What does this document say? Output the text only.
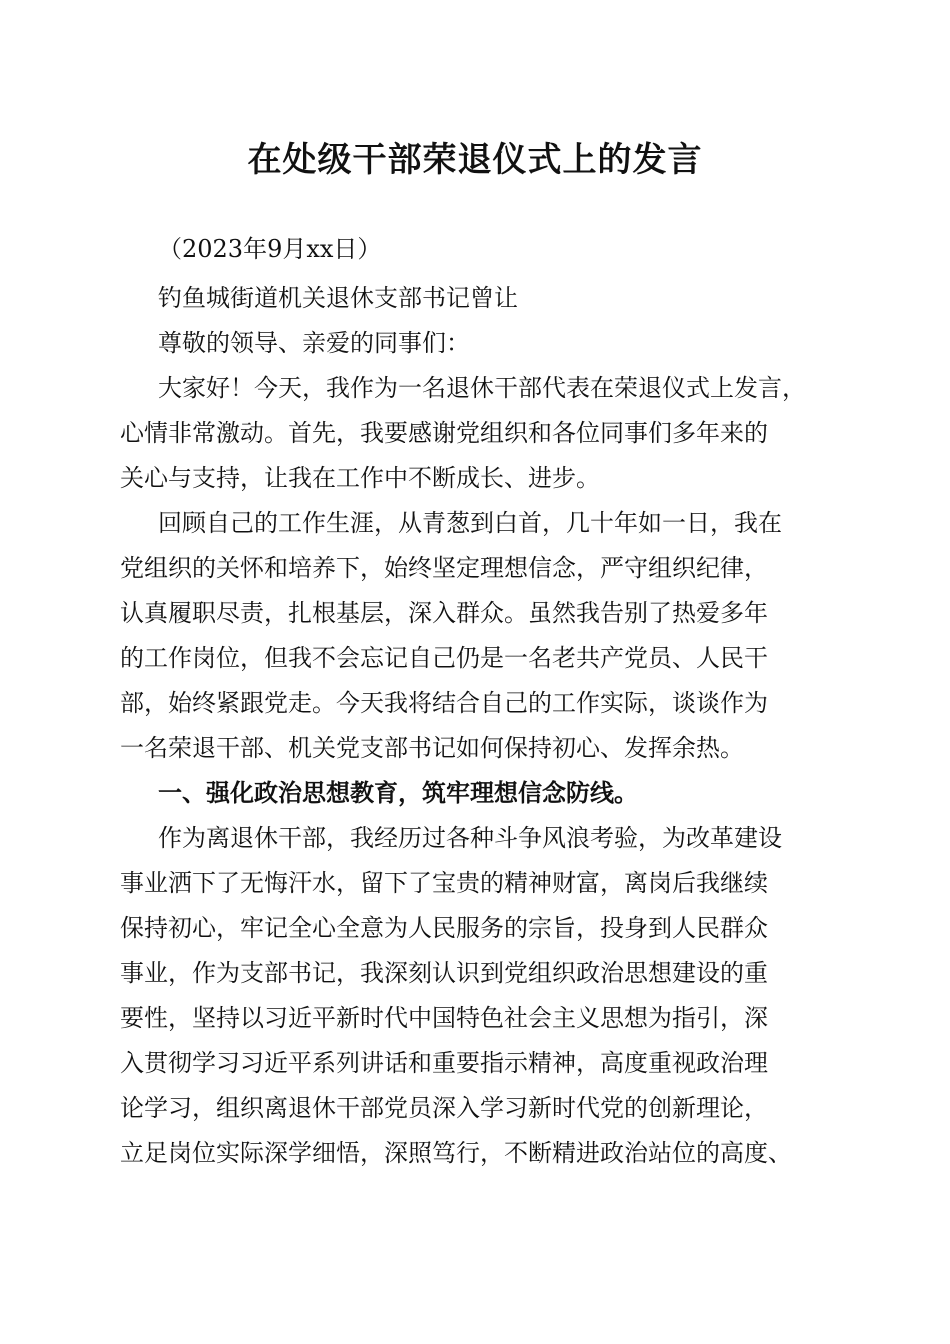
在处级干部荣退仪式上的发言

（2023年9月xx日）

钓鱼城街道机关退休支部书记曾让

尊敬的领导、亲爱的同事们：

大家好！今天，我作为一名退休干部代表在荣退仪式上发言，

心情非常激动。首先，我要感谢党组织和各位同事们多年来的

关心与支持，让我在工作中不断成长、进步。

回顾自己的工作生涯，从青葱到白首，几十年如一日，我在

党组织的关怀和培养下，始终坚定理想信念，严守组织纪律，

认真履职尽责，扎根基层，深入群众。虽然我告别了热爱多年

的工作岗位，但我不会忘记自己仍是一名老共产党员、人民干

部，始终紧跟党走。今天我将结合自己的工作实际，谈谈作为

一名荣退干部、机关党支部书记如何保持初心、发挥余热。

一、强化政治思想教育，筑牢理想信念防线。

作为离退休干部，我经历过各种斗争风浪考验，为改革建设

事业洒下了无悔汗水，留下了宝贵的精神财富，离岗后我继续

保持初心，牢记全心全意为人民服务的宗旨，投身到人民群众

事业，作为支部书记，我深刻认识到党组织政治思想建设的重

要性，坚持以习近平新时代中国特色社会主义思想为指引，深

入贯彻学习习近平系列讲话和重要指示精神，高度重视政治理

论学习，组织离退休干部党员深入学习新时代党的创新理论，

立足岗位实际深学细悟，深照笃行，不断精进政治站位的高度、
